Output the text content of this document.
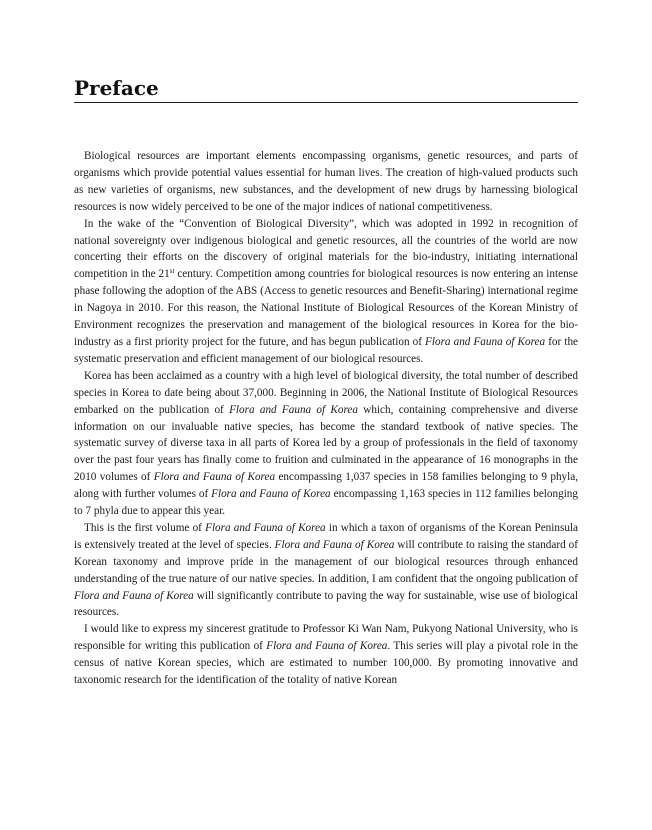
Preface

Biological resources are important elements encompassing organisms, genetic resources, and parts of organisms which provide potential values essential for human lives. The creation of high-valued products such as new varieties of organisms, new substances, and the development of new drugs by harnessing biological resources is now widely perceived to be one of the major indices of national competitiveness.

In the wake of the “Convention of Biological Diversity”, which was adopted in 1992 in recognition of national sovereignty over indigenous biological and genetic resources, all the countries of the world are now concerting their efforts on the discovery of original materials for the bio-industry, initiating international competition in the 21st century. Competition among countries for biological resources is now entering an intense phase following the adoption of the ABS (Access to genetic resources and Benefit-Sharing) international regime in Nagoya in 2010. For this reason, the National Institute of Biological Resources of the Korean Ministry of Environment recognizes the preservation and management of the biological resources in Korea for the bio-industry as a first priority project for the future, and has begun publication of Flora and Fauna of Korea for the systematic preservation and efficient management of our biological resources.

Korea has been acclaimed as a country with a high level of biological diversity, the total number of described species in Korea to date being about 37,000. Beginning in 2006, the National Institute of Biological Resources embarked on the publication of Flora and Fauna of Korea which, containing comprehensive and diverse information on our invaluable native species, has become the standard textbook of native species. The systematic survey of diverse taxa in all parts of Korea led by a group of professionals in the field of taxonomy over the past four years has finally come to fruition and culminated in the appearance of 16 monographs in the 2010 volumes of Flora and Fauna of Korea encompassing 1,037 species in 158 families belonging to 9 phyla, along with further volumes of Flora and Fauna of Korea encompassing 1,163 species in 112 families belonging to 7 phyla due to appear this year.

This is the first volume of Flora and Fauna of Korea in which a taxon of organisms of the Korean Peninsula is extensively treated at the level of species. Flora and Fauna of Korea will contribute to raising the standard of Korean taxonomy and improve pride in the management of our biological resources through enhanced understanding of the true nature of our native species. In addition, I am confident that the ongoing publication of Flora and Fauna of Korea will significantly contribute to paving the way for sustainable, wise use of biological resources.

I would like to express my sincerest gratitude to Professor Ki Wan Nam, Pukyong National University, who is responsible for writing this publication of Flora and Fauna of Korea. This series will play a pivotal role in the census of native Korean species, which are estimated to number 100,000. By promoting innovative and taxonomic research for the identification of the totality of native Korean
